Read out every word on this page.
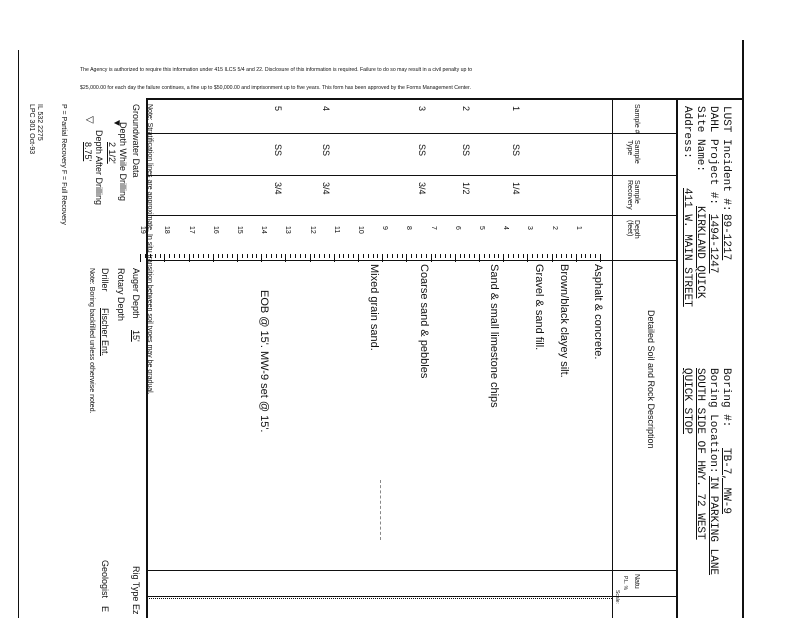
The Agency is authorized to require this information under 415 ILCS 5/4 and 22. Disclosure of this information is required. Failure to do so may result in a civil penalty up to
$25,000.00 for each day the failure continues, a fine up to $50,000.00 and imprisonment up to five years. This form has been approved by the Forms Management Center.
LUST Incident #:
89-1217
DAHL Project #:
1494-1247
Site Name:
KIRKLAND QUICK
Address:
411 W. MAIN STREET
Boring #:
TB-7, MW-9
Boring Location:
IN PARKING LANE
SOUTH SIDE OF HWY. 72 WEST
QUICK STOP
Sample #
Sample Type
Sample Recovery
Depth (feet)
Detailed Soil and Rock Description
Natu
P.L. %
Scale:
1
SS
1/4
2
SS
1/2
3
SS
3/4
4
SS
3/4
5
SS
3/4
1
2
3
4
5
6
7
8
9
10
11
12
13
14
15
16
17
18
19
Asphalt & concrete.
Brown/black clayey silt.
Gravel & sand fill.
Sand & small limestone chips
Coarse sand & pebbles
Mixed grain sand.
EOB @ 15'. MW-9 set @ 15'.
Note: Stratification lines are approximate. In situ transition between soil types may be gradual.
Groundwater Data
Depth While Drilling
2 1/2'
Depth After Drilling
8.75'
▼
▽
Auger Depth
15'
Rotary Depth
Driller
Fischer Ent.
Note: Boring backfilled unless otherwise noted.
Rig Type
Ez
Geologist
E
P = Partial Recovery F = Full Recovery
IL 532 2275
LPC 301 Oct-93
